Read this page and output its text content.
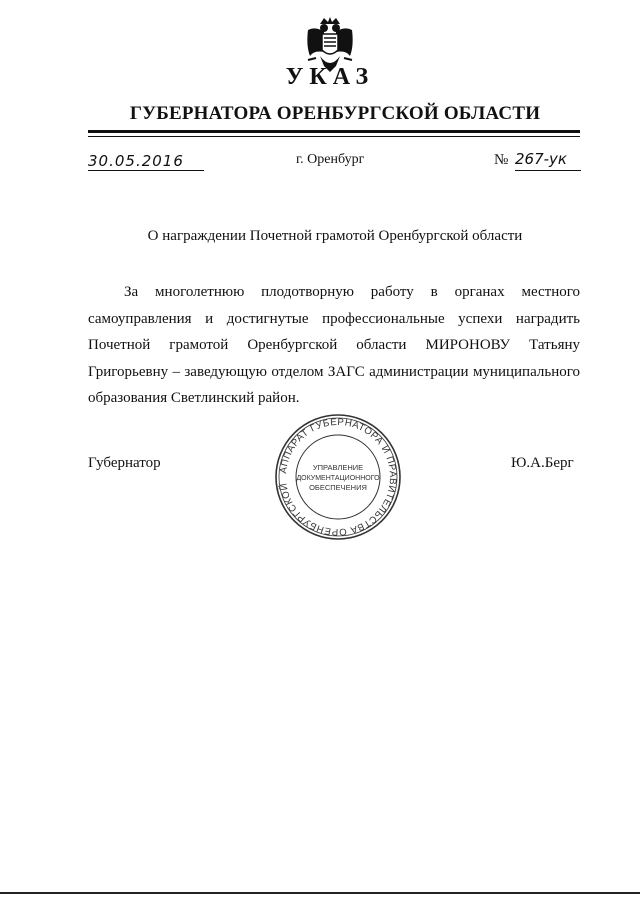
УКАЗ
ГУБЕРНАТОРА ОРЕНБУРГСКОЙ ОБЛАСТИ
30.05.2016	г. Оренбург	№ 267-ук
О награждении Почетной грамотой Оренбургской области
За многолетнюю плодотворную работу в органах местного самоуправления и достигнутые профессиональные успехи наградить Почетной грамотой Оренбургской области МИРОНОВУ Татьяну Григорьевну – заведующую отделом ЗАГС администрации муниципального образования Светлинский район.
Губернатор	Ю.А.Берг
АППАРАТ ГУБЕРНАТОРА И ПРАВИТЕЛЬСТВА ОРЕНБУРГСКОЙ
УПРАВЛЕНИЕ
ДОКУМЕНТАЦИОННОГО
ОБЕСПЕЧЕНИЯ
